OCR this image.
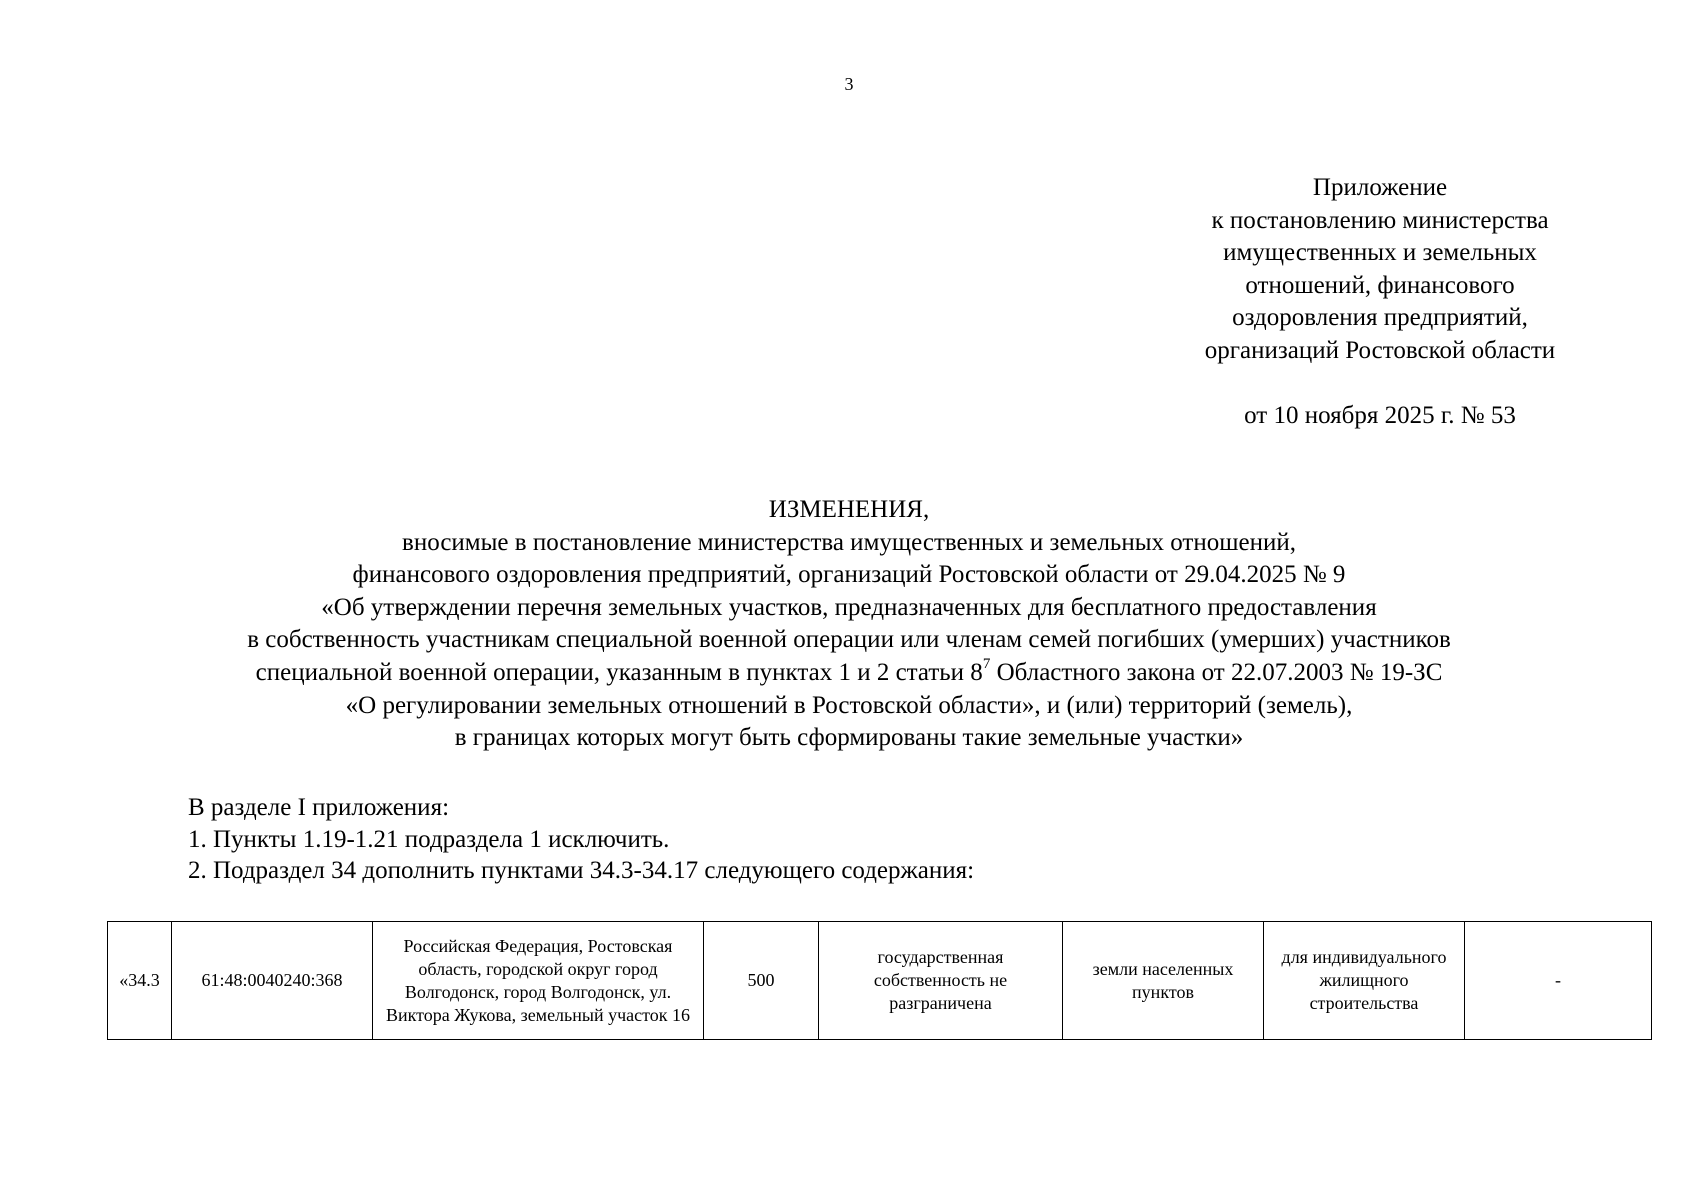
3
Приложение
к постановлению министерства
имущественных и земельных
отношений, финансового
оздоровления предприятий,
организаций Ростовской области
от 10 ноября 2025 г. № 53
ИЗМЕНЕНИЯ,
вносимые в постановление министерства имущественных и земельных отношений,
финансового оздоровления предприятий, организаций Ростовской области от 29.04.2025 № 9
«Об утверждении перечня земельных участков, предназначенных для бесплатного предоставления
в собственность участникам специальной военной операции или членам семей погибших (умерших) участников
специальной военной операции, указанным в пунктах 1 и 2 статьи $8^7$ Областного закона от 22.07.2003 № 19-ЗС
«О регулировании земельных отношений в Ростовской области», и (или) территорий (земель),
в границах которых могут быть сформированы такие земельные участки»
В разделе I приложения:
1. Пункты 1.19-1.21 подраздела 1 исключить.
2. Подраздел 34 дополнить пунктами 34.3-34.17 следующего содержания:
«34.3	61:48:0040240:368	Российская Федерация, Ростовская область, городской округ город Волгодонск, город Волгодонск, ул. Виктора Жукова, земельный участок 16	500	государственная собственность не разграничена	земли населенных пунктов	для индивидуального жилищного строительства	-
